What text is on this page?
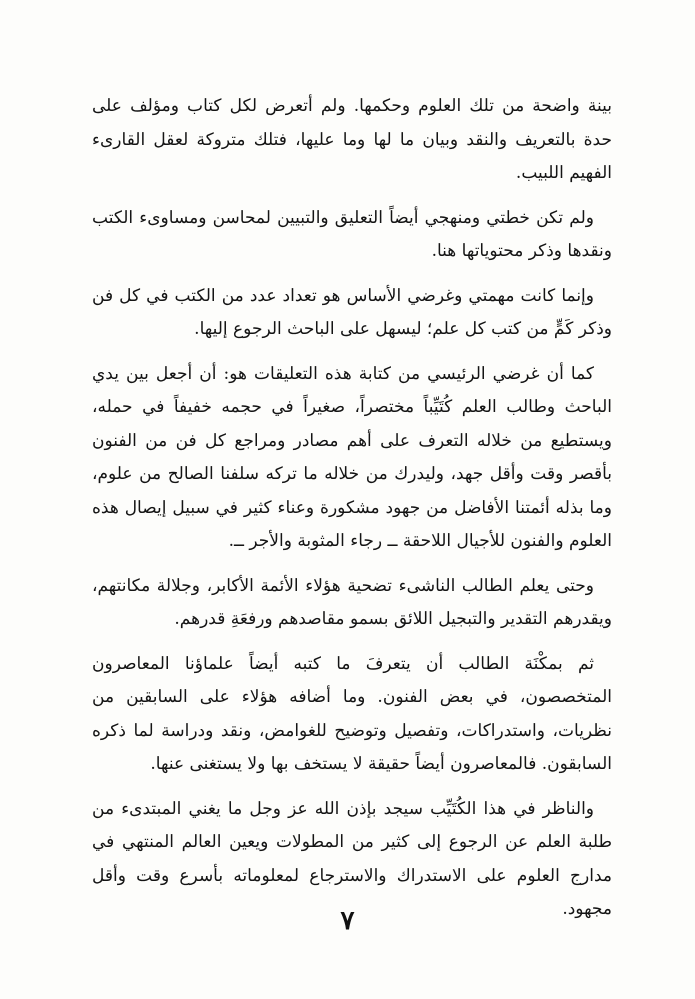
بينة واضحة من تلك العلوم وحكمها. ولم أتعرض لكل كتاب ومؤلف على حدة بالتعريف والنقد وبيان ما لها وما عليها، فتلك متروكة لعقل القارىء الفهيم اللبيب.

ولم تكن خطتي ومنهجي أيضاً التعليق والتبيين لمحاسن ومساوىء الكتب ونقدها وذكر محتوياتها هنا.

وإنما كانت مهمتي وغرضي الأساس هو تعداد عدد من الكتب في كل فن وذكر كَمٍّ من كتب كل علم؛ ليسهل على الباحث الرجوع إليها.

كما أن غرضي الرئيسي من كتابة هذه التعليقات هو: أن أجعل بين يدي الباحث وطالب العلم كُتَيِّباً مختصراً، صغيراً في حجمه خفيفاً في حمله، ويستطيع من خلاله التعرف على أهم مصادر ومراجع كل فن من الفنون بأقصر وقت وأقل جهد، وليدرك من خلاله ما تركه سلفنا الصالح من علوم، وما بذله أئمتنا الأفاضل من جهود مشكورة وعناء كثير في سبيل إيصال هذه العلوم والفنون للأجيال اللاحقة ــ رجاء المثوبة والأجر ــ.

وحتى يعلم الطالب الناشىء تضحية هؤلاء الأئمة الأكابر، وجلالة مكانتهم، ويقدرهم التقدير والتبجيل اللائق بسمو مقاصدهم ورفعَةِ قدرهم.

ثم بمكْنَة الطالب أن يتعرفَ ما كتبه أيضاً علماؤنا المعاصرون المتخصصون، في بعض الفنون. وما أضافه هؤلاء على السابقين من نظريات، واستدراكات، وتفصيل وتوضيح للغوامض، ونقد ودراسة لما ذكره السابقون. فالمعاصرون أيضاً حقيقة لا يستخف بها ولا يستغنى عنها.

والناظر في هذا الكُتَيِّب سيجد بإذن الله عز وجل ما يغني المبتدىء من طلبة العلم عن الرجوع إلى كثير من المطولات ويعين العالم المنتهي في مدارج العلوم على الاستدراك والاسترجاع لمعلوماته بأسرع وقت وأقل مجهود.

٧
